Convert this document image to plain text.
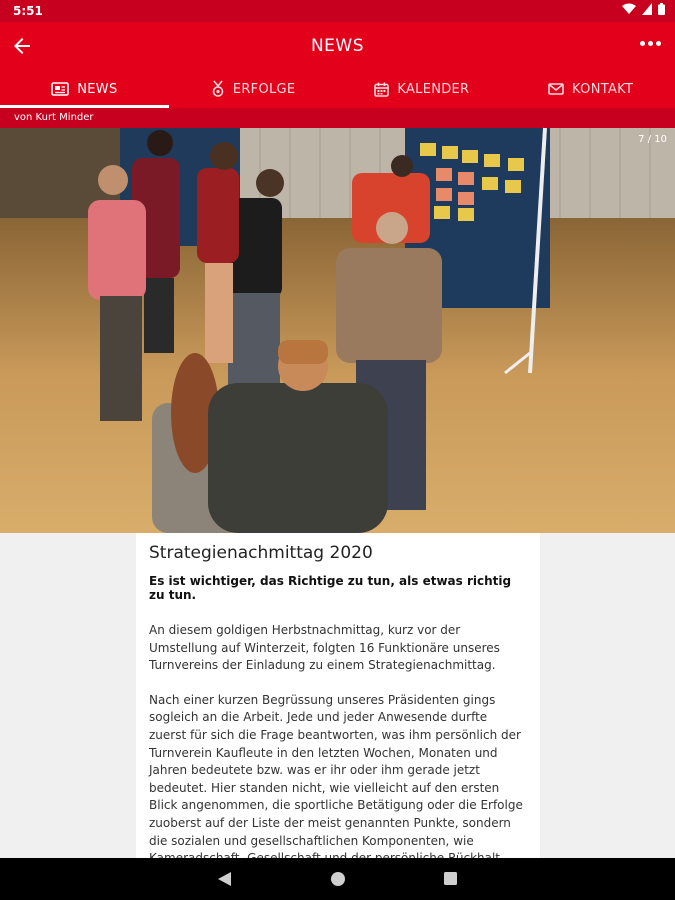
5:51
NEWS
NEWS	ERFOLGE	KALENDER	KONTAKT
von Kurt Minder
7 / 10
Strategienachmittag 2020

Es ist wichtiger, das Richtige zu tun, als etwas richtig zu tun.

An diesem goldigen Herbstnachmittag, kurz vor der Umstellung auf Winterzeit, folgten 16 Funktionäre unseres Turnvereins der Einladung zu einem Strategienachmittag.

Nach einer kurzen Begrüssung unseres Präsidenten gings sogleich an die Arbeit. Jede und jeder Anwesende durfte zuerst für sich die Frage beantworten, was ihm persönlich der Turnverein Kaufleute in den letzten Wochen, Monaten und Jahren bedeutete bzw. was er ihr oder ihm gerade jetzt bedeutet. Hier standen nicht, wie vielleicht auf den ersten Blick angenommen, die sportliche Betätigung oder die Erfolge zuoberst auf der Liste der meist genannten Punkte, sondern die sozialen und gesellschaftlichen Komponenten, wie
